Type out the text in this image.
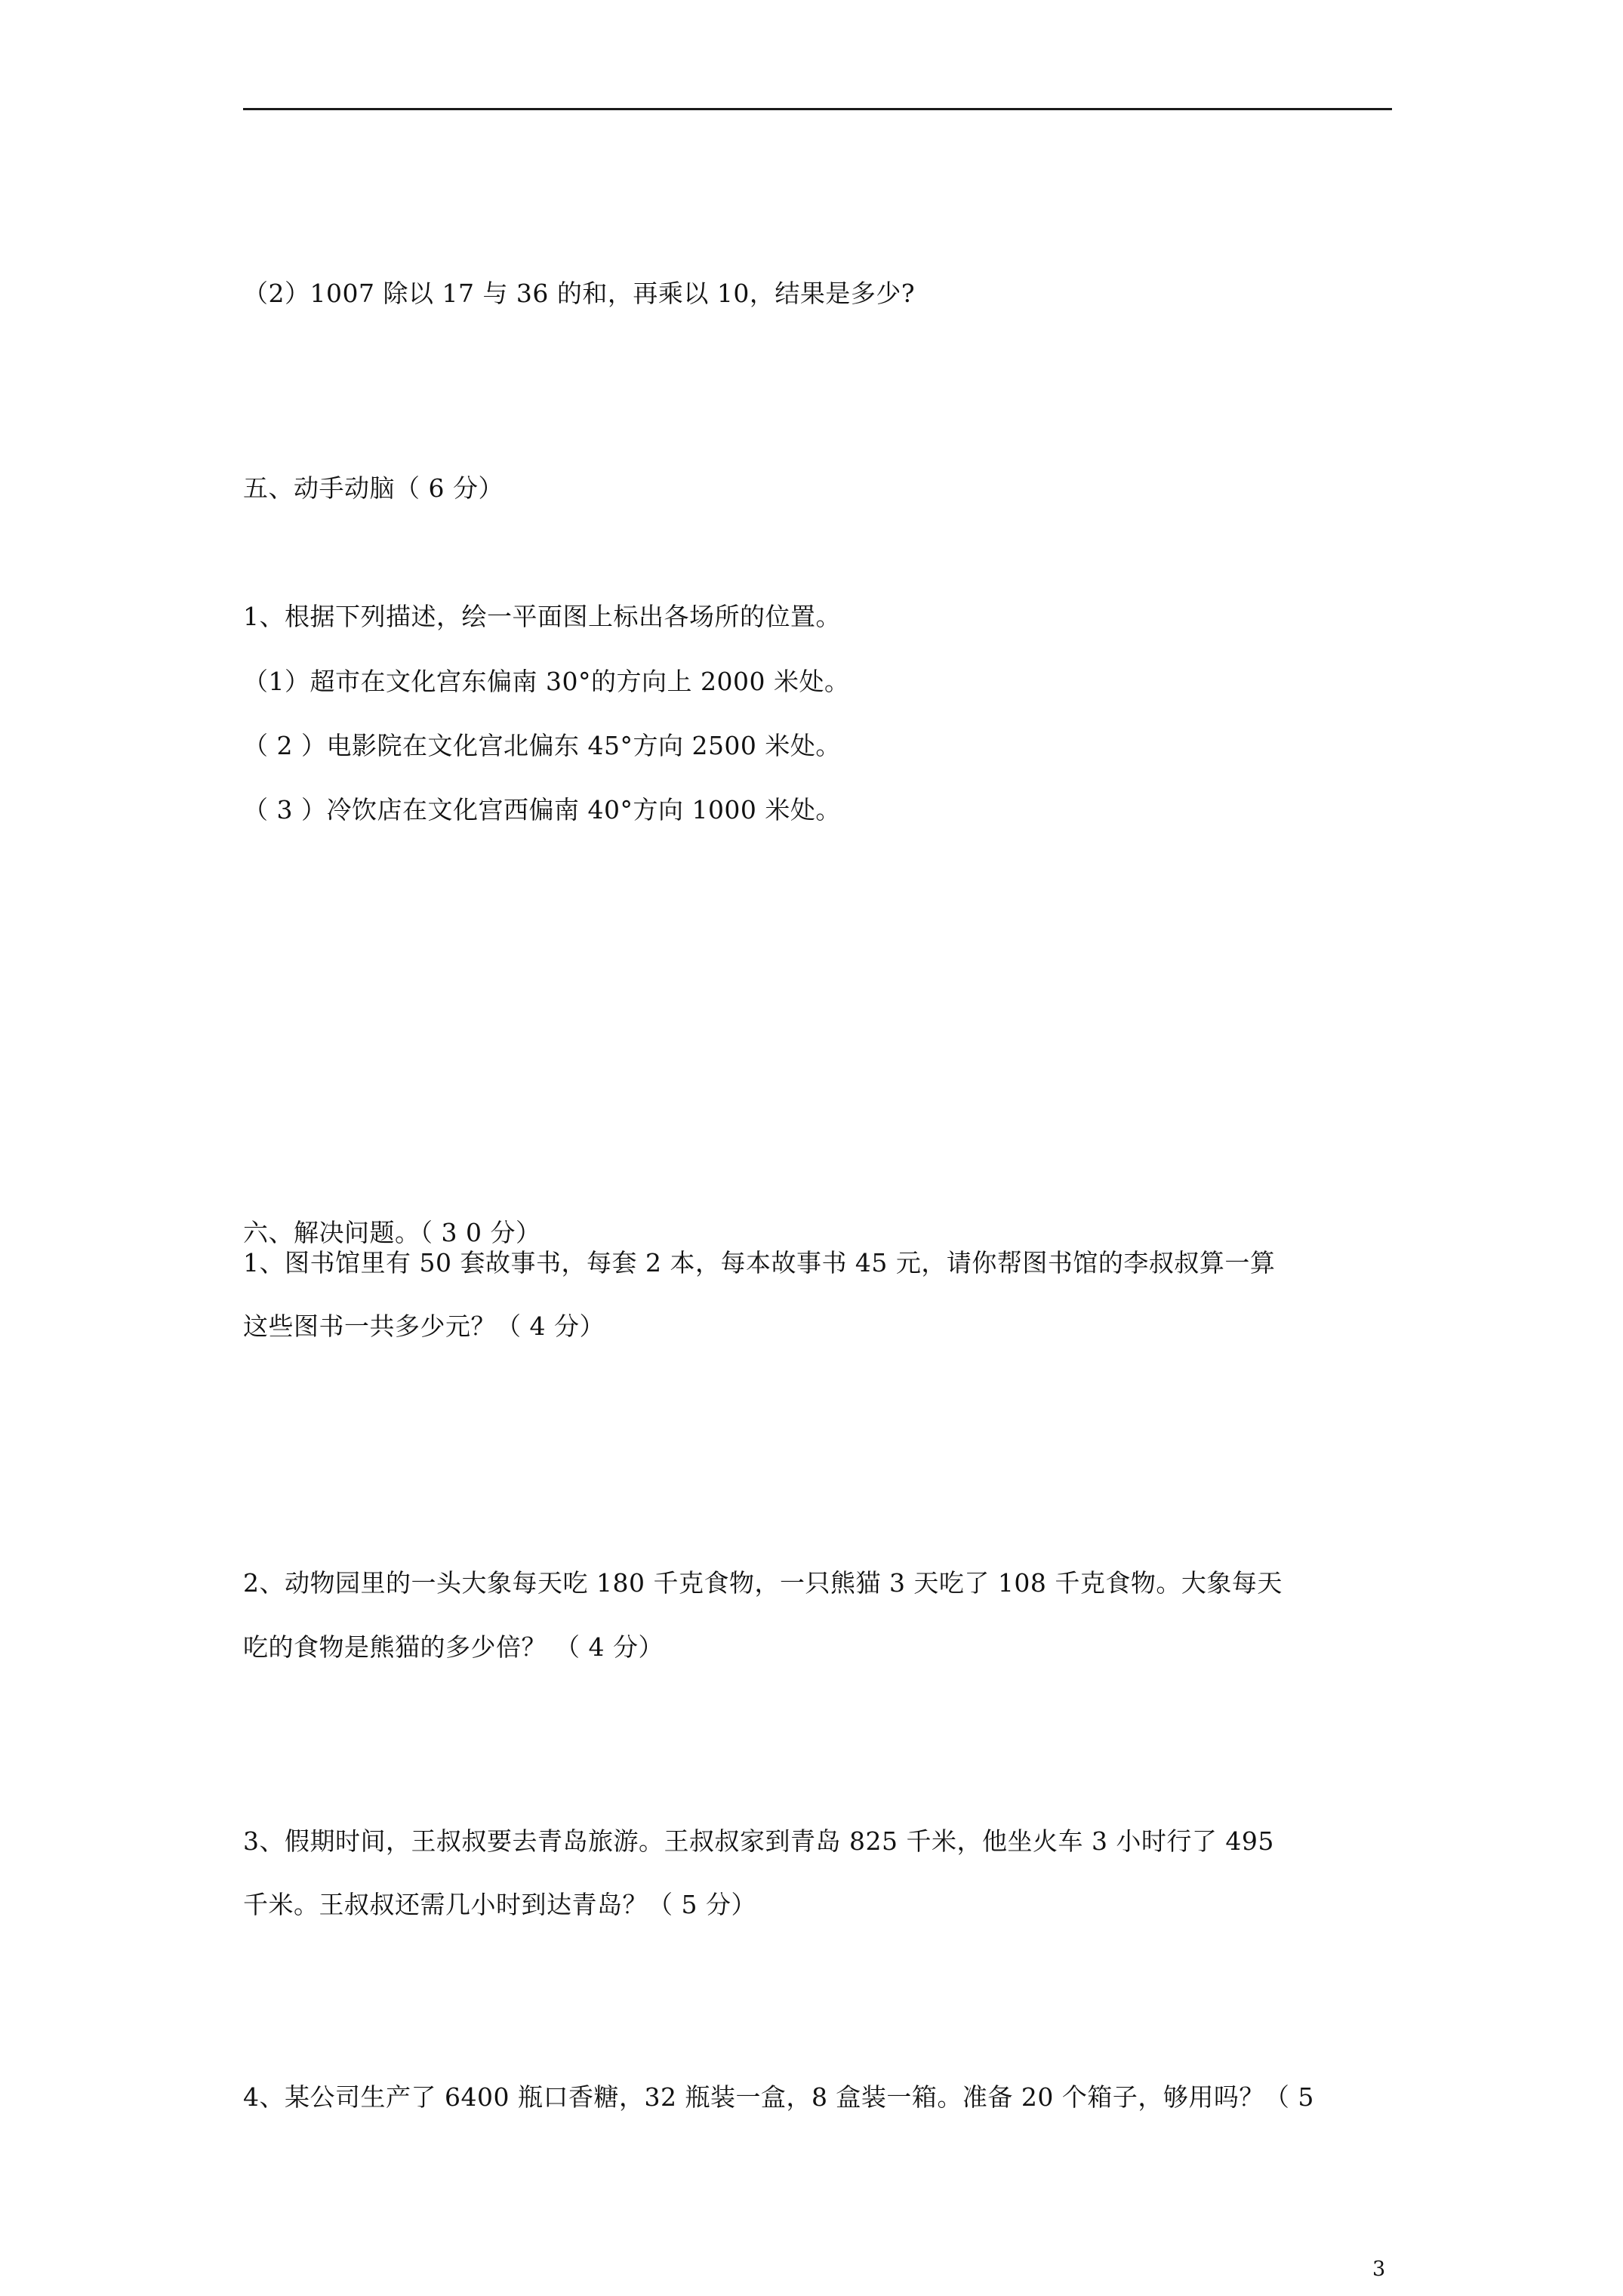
（2）1007 除以 17 与 36 的和，再乘以 10，结果是多少?
五、动手动脑（ 6 分）
1、根据下列描述，绘一平面图上标出各场所的位置。
（1）超市在文化宫东偏南 30°的方向上 2000 米处。
（ 2 ）电影院在文化宫北偏东 45°方向 2500 米处。
（ 3 ）冷饮店在文化宫西偏南 40°方向 1000 米处。
六、解决问题。（ 3 0 分）
1、图书馆里有 50 套故事书，每套 2 本，每本故事书 45 元，请你帮图书馆的李叔叔算一算
这些图书一共多少元？（ 4 分）
2、动物园里的一头大象每天吃 180 千克食物，一只熊猫 3 天吃了 108 千克食物。大象每天
吃的食物是熊猫的多少倍？ （ 4 分）
3、假期时间，王叔叔要去青岛旅游。王叔叔家到青岛 825 千米，他坐火车 3 小时行了 495
千米。王叔叔还需几小时到达青岛？（ 5 分）
4、某公司生产了 6400 瓶口香糖，32 瓶装一盒，8 盒装一箱。准备 20 个箱子，够用吗？（ 5
3
